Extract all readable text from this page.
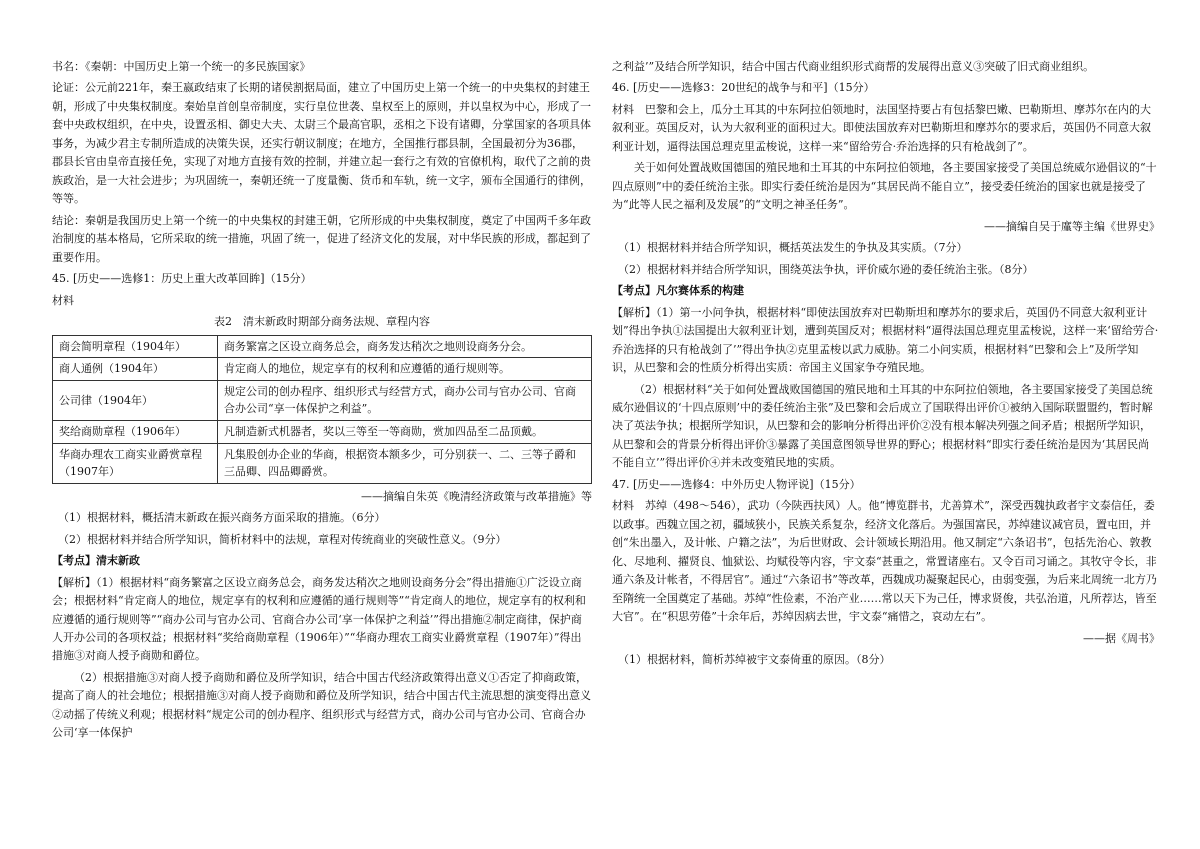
书名：《秦朝：中国历史上第一个统一的多民族国家》

论证：公元前221年，秦王嬴政结束了长期的诸侯割据局面，建立了中国历史上第一个统一的中央集权的封建王朝，形成了中央集权制度。秦始皇首创皇帝制度，实行皇位世袭、皇权至上的原则，并以皇权为中心，形成了一套中央政权组织，在中央，设置丞相、御史大夫、太尉三个最高官职，丞相之下设有诸卿，分掌国家的各项具体事务，为减少君主专制所造成的决策失误，还实行朝议制度；在地方，全国推行郡县制，全国最初分为36郡，郡县长官由皇帝直接任免，实现了对地方直接有效的控制，并建立起一套行之有效的官僚机构，取代了之前的贵族政治，是一大社会进步；为巩固统一，秦朝还统一了度量衡、货币和车轨，统一文字，颁布全国通行的律例，等等。

结论：秦朝是我国历史上第一个统一的中央集权的封建王朝，它所形成的中央集权制度，奠定了中国两千多年政治制度的基本格局，它所采取的统一措施，巩固了统一，促进了经济文化的发展，对中华民族的形成，都起到了重要作用。

45. [历史——选修1：历史上重大改革回眸]（15分）

材料

表2　清末新政时期部分商务法规、章程内容

商会简明章程（1904年）	商务繁富之区设立商务总会，商务发达稍次之地则设商务分会。
商人通例（1904年）	肯定商人的地位，规定享有的权利和应遵循的通行规则等。
公司律（1904年）	规定公司的创办程序、组织形式与经营方式，商办公司与官办公司、官商合办公司“享一体保护之利益”。
奖给商勋章程（1906年）	凡制造新式机器者，奖以三等至一等商勋，赏加四品至二品顶戴。
华商办理农工商实业爵赏章程（1907年）	凡集股创办企业的华商，根据资本额多少，可分别获一、二、三等子爵和三品卿、四品卿爵赏。

——摘编自朱英《晚清经济政策与改革措施》等

（1）根据材料，概括清末新政在振兴商务方面采取的措施。（6分）

（2）根据材料并结合所学知识，简析材料中的法规，章程对传统商业的突破性意义。（9分）

【考点】清末新政

【解析】（1）根据材料“商务繁富之区设立商务总会，商务发达稍次之地则设商务分会”得出措施①广泛设立商会；根据材料“肯定商人的地位，规定享有的权利和应遵循的通行规则等”“肯定商人的地位，规定享有的权利和应遵循的通行规则等”“商办公司与官办公司、官商合办公司‘享一体保护之利益’”得出措施②制定商律，保护商人开办公司的各项权益；根据材料“奖给商勋章程（1906年）”“华商办理农工商实业爵赏章程（1907年）”得出措施③对商人授予商勋和爵位。

（2）根据措施③对商人授予商勋和爵位及所学知识，结合中国古代经济政策得出意义①否定了抑商政策，提高了商人的社会地位；根据措施③对商人授予商勋和爵位及所学知识，结合中国古代主流思想的演变得出意义②动摇了传统义利观；根据材料“规定公司的创办程序、组织形式与经营方式，商办公司与官办公司、官商合办公司‘享一体保护

之利益’”及结合所学知识，结合中国古代商业组织形式商帮的发展得出意义③突破了旧式商业组织。

46. [历史——选修3：20世纪的战争与和平]（15分）

材料　巴黎和会上，瓜分土耳其的中东阿拉伯领地时，法国坚持要占有包括黎巴嫩、巴勒斯坦、摩苏尔在内的大叙利亚。英国反对，认为大叙利亚的面积过大。即使法国放弃对巴勒斯坦和摩苏尔的要求后，英国仍不同意大叙利亚计划，逼得法国总理克里孟梭说，这样一来“留给劳合·乔治选择的只有枪战剑了”。

关于如何处置战败国德国的殖民地和土耳其的中东阿拉伯领地，各主要国家接受了美国总统威尔逊倡议的“十四点原则”中的委任统治主张。即实行委任统治是因为“其居民尚不能自立”，接受委任统治的国家也就是接受了为“此等人民之福利及发展”的“文明之神圣任务”。

——摘编自吴于廑等主编《世界史》

（1）根据材料并结合所学知识，概括英法发生的争执及其实质。（7分）

（2）根据材料并结合所学知识，围绕英法争执，评价威尔逊的委任统治主张。（8分）

【考点】凡尔赛体系的构建

【解析】（1）第一小问争执，根据材料“即使法国放弃对巴勒斯坦和摩苏尔的要求后，英国仍不同意大叙利亚计划”得出争执①法国提出大叙利亚计划，遭到英国反对；根据材料“逼得法国总理克里孟梭说，这样一来‘留给劳合·乔治选择的只有枪战剑了’”得出争执②克里孟梭以武力威胁。第二小问实质，根据材料“巴黎和会上”及所学知识，从巴黎和会的性质分析得出实质：帝国主义国家争夺殖民地。

（2）根据材料“关于如何处置战败国德国的殖民地和土耳其的中东阿拉伯领地，各主要国家接受了美国总统威尔逊倡议的‘十四点原则’中的委任统治主张”及巴黎和会后成立了国联得出评价①被纳入国际联盟盟约，暂时解决了英法争执；根据所学知识，从巴黎和会的影响分析得出评价②没有根本解决列强之间矛盾；根据所学知识，从巴黎和会的背景分析得出评价③暴露了美国意图领导世界的野心；根据材料“即实行委任统治是因为‘其居民尚不能自立’”得出评价④并未改变殖民地的实质。

47. [历史——选修4：中外历史人物评说]（15分）

材料　苏绰（498～546），武功（今陕西扶风）人。他“博览群书，尤善算术”，深受西魏执政者宇文泰信任，委以政事。西魏立国之初，疆域狭小，民族关系复杂，经济文化落后。为强国富民，苏绰建议减官员，置屯田，并创“朱出墨入，及计帐、户籍之法”，为后世财政、会计领域长期沿用。他又制定“六条诏书”，包括先治心、敦教化、尽地利、擢贤良、恤狱讼、均赋役等内容，宇文泰“甚重之，常置诸座右。又令百司习诵之。其牧守令长，非通六条及计帐者，不得居官”。通过“六条诏书”等改革，西魏成功凝聚起民心，由弱变强，为后来北周统一北方乃至隋统一全国奠定了基础。苏绰“性俭素，不治产业……常以天下为己任，博求贤俊，共弘治道，凡所荐达，皆至大官”。在“积思劳倦”十余年后，苏绰因病去世，宇文泰“痛惜之，哀动左右”。

——据《周书》

（1）根据材料，简析苏绰被宇文泰倚重的原因。（8分）
